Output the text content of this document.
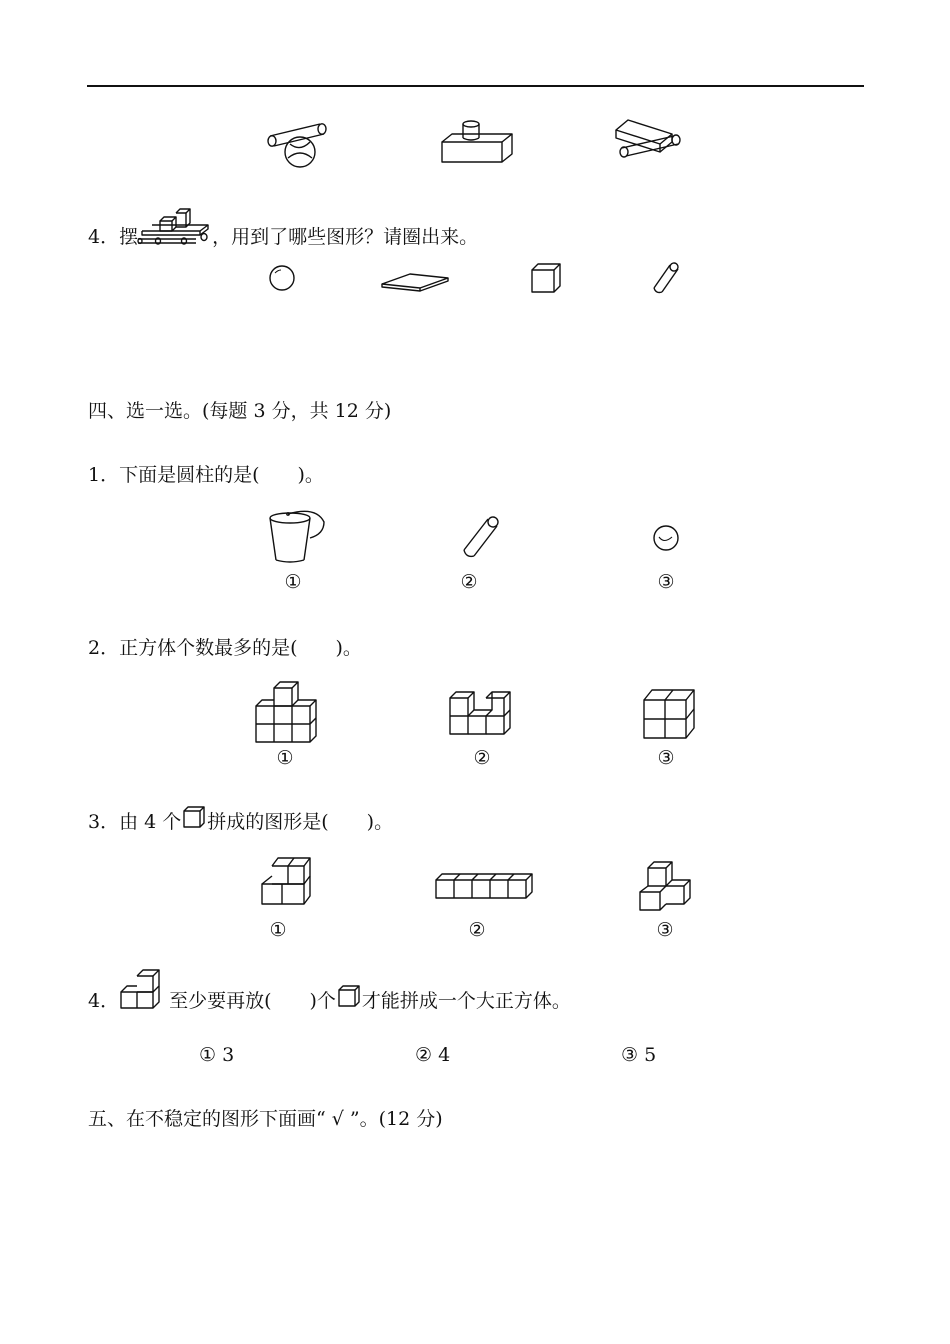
4．摆	，用到了哪些图形？请圈出来。
四、选一选。(每题 3 分，共 12 分)
1．下面是圆柱的是(　　)。
①	②	③
2．正方体个数最多的是(　　)。
①	②	③
3．由 4 个 拼成的图形是(　　)。
①	②	③
4．	至少要再放(　　)个 才能拼成一个大正方体。
① 3	② 4	③ 5
五、在不稳定的图形下面画“ √ ”。(12 分)
